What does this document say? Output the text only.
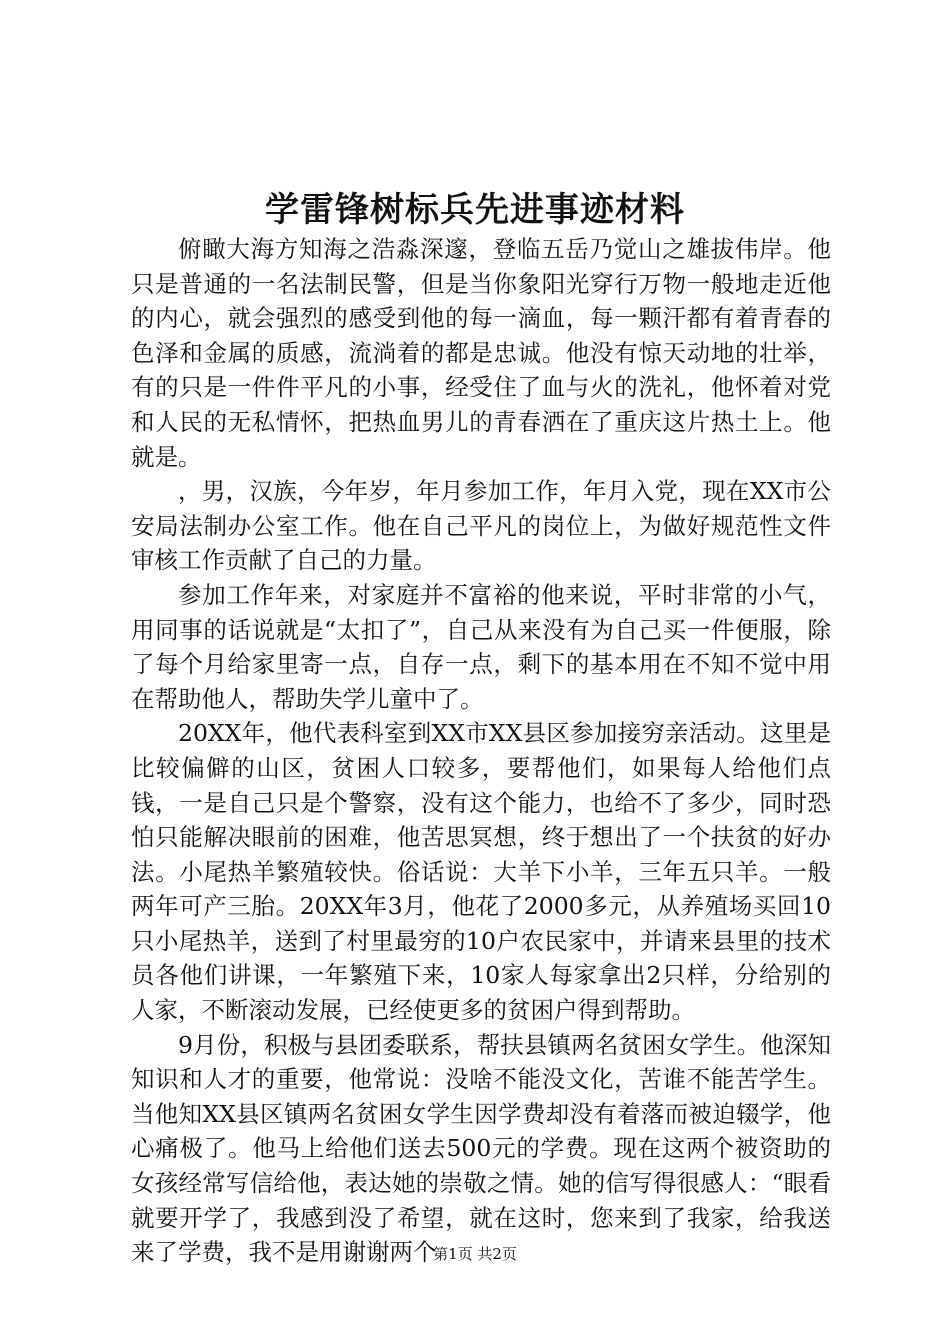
学雷锋树标兵先进事迹材料

俯瞰大海方知海之浩淼深邃，登临五岳乃觉山之雄拔伟岸。他只是普通的一名法制民警，但是当你象阳光穿行万物一般地走近他的内心，就会强烈的感受到他的每一滴血，每一颗汗都有着青春的色泽和金属的质感，流淌着的都是忠诚。他没有惊天动地的壮举，有的只是一件件平凡的小事，经受住了血与火的洗礼，他怀着对党和人民的无私情怀，把热血男儿的青春洒在了重庆这片热土上。他就是。

，男，汉族，今年岁，年月参加工作，年月入党，现在XX市公安局法制办公室工作。他在自己平凡的岗位上，为做好规范性文件审核工作贡献了自己的力量。

参加工作年来，对家庭并不富裕的他来说，平时非常的小气，用同事的话说就是“太扣了”，自己从来没有为自己买一件便服，除了每个月给家里寄一点，自存一点，剩下的基本用在不知不觉中用在帮助他人，帮助失学儿童中了。

20XX年，他代表科室到XX市XX县区参加接穷亲活动。这里是比较偏僻的山区，贫困人口较多，要帮他们，如果每人给他们点钱，一是自己只是个警察，没有这个能力，也给不了多少，同时恐怕只能解决眼前的困难，他苦思冥想，终于想出了一个扶贫的好办法。小尾热羊繁殖较快。俗话说：大羊下小羊，三年五只羊。一般两年可产三胎。20XX年3月，他花了2000多元，从养殖场买回10只小尾热羊，送到了村里最穷的10户农民家中，并请来县里的技术员各他们讲课，一年繁殖下来，10家人每家拿出2只样，分给别的人家，不断滚动发展，已经使更多的贫困户得到帮助。

9月份，积极与县团委联系，帮扶县镇两名贫困女学生。他深知知识和人才的重要，他常说：没啥不能没文化，苦谁不能苦学生。当他知XX县区镇两名贫困女学生因学费却没有着落而被迫辍学，他心痛极了。他马上给他们送去500元的学费。现在这两个被资助的女孩经常写信给他，表达她的崇敬之情。她的信写得很感人：“眼看就要开学了，我感到没了希望，就在这时，您来到了我家，给我送来了学费，我不是用谢谢两个

第1页 共2页
